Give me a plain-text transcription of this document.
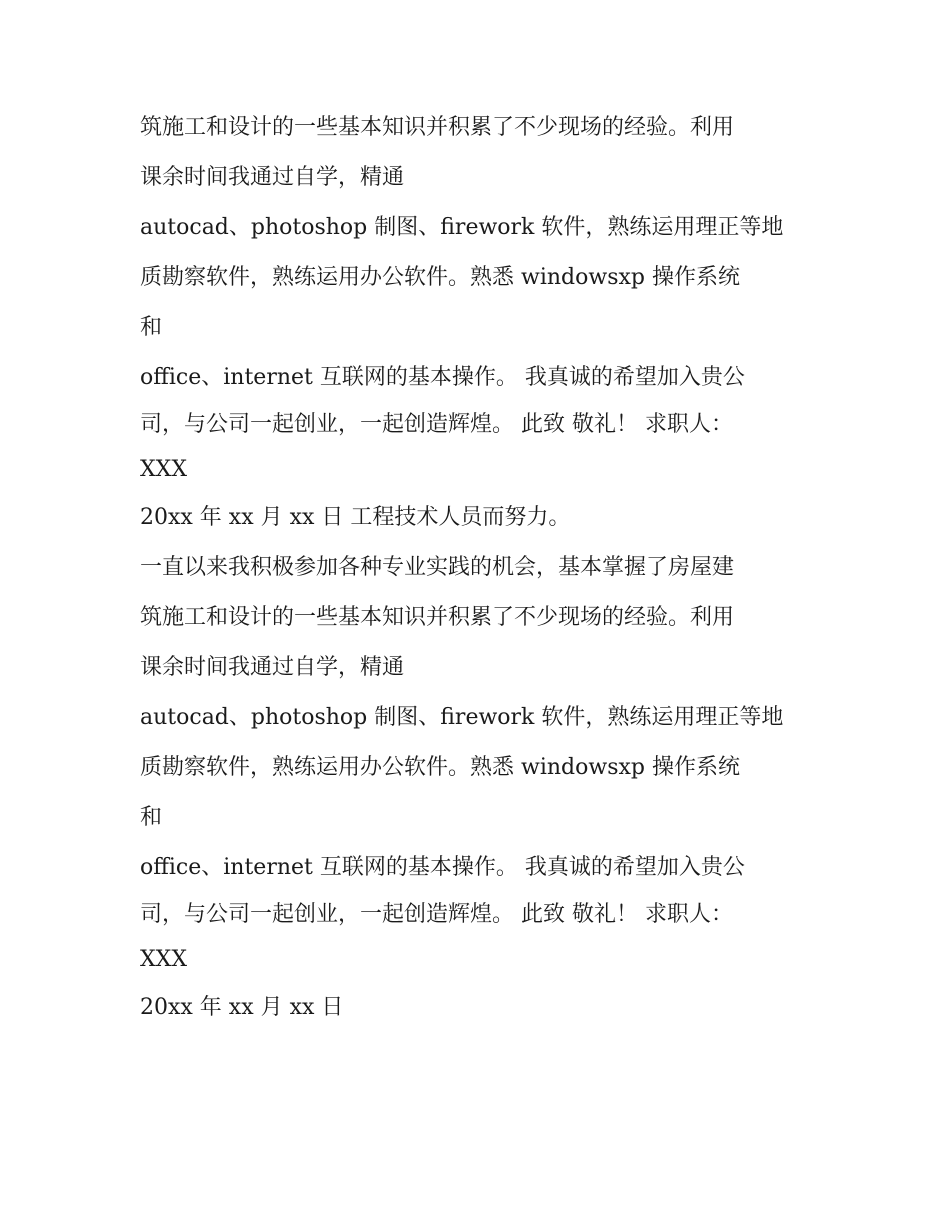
筑施工和设计的一些基本知识并积累了不少现场的经验。利用
课余时间我通过自学，精通
autocad、photoshop 制图、firework 软件，熟练运用理正等地
质勘察软件，熟练运用办公软件。熟悉 windowsxp 操作系统
和
office、internet 互联网的基本操作。 我真诚的希望加入贵公
司，与公司一起创业，一起创造辉煌。 此致 敬礼！ 求职人：
XXX
20xx 年 xx 月 xx 日 工程技术人员而努力。
一直以来我积极参加各种专业实践的机会，基本掌握了房屋建
筑施工和设计的一些基本知识并积累了不少现场的经验。利用
课余时间我通过自学，精通
autocad、photoshop 制图、firework 软件，熟练运用理正等地
质勘察软件，熟练运用办公软件。熟悉 windowsxp 操作系统
和
office、internet 互联网的基本操作。 我真诚的希望加入贵公
司，与公司一起创业，一起创造辉煌。 此致 敬礼！ 求职人：
XXX
20xx 年 xx 月 xx 日
